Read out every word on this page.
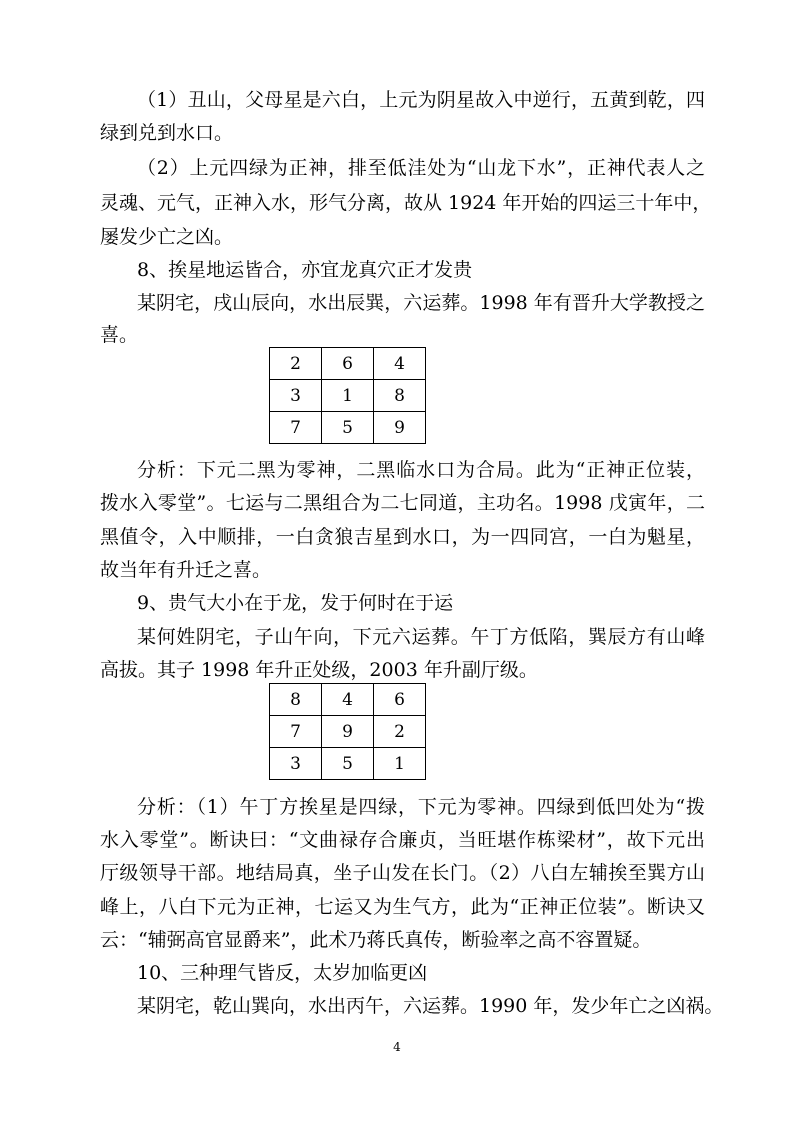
（1）丑山，父母星是六白，上元为阴星故入中逆行，五黄到乾，四
绿到兑到水口。
（2）上元四绿为正神，排至低洼处为“山龙下水”，正神代表人之
灵魂、元气，正神入水，形气分离，故从 1924 年开始的四运三十年中，
屡发少亡之凶。
8、挨星地运皆合，亦宜龙真穴正才发贵
某阴宅，戌山辰向，水出辰巽，六运葬。1998 年有晋升大学教授之
喜。
2	6	4
3	1	8
7	5	9
分析：下元二黑为零神，二黑临水口为合局。此为“正神正位装，
拨水入零堂”。七运与二黑组合为二七同道，主功名。1998 戊寅年，二
黑值令，入中顺排，一白贪狼吉星到水口，为一四同宫，一白为魁星，
故当年有升迁之喜。
9、贵气大小在于龙，发于何时在于运
某何姓阴宅，子山午向，下元六运葬。午丁方低陷，巽辰方有山峰
高拔。其子 1998 年升正处级，2003 年升副厅级。
8	4	6
7	9	2
3	5	1
分析：（1）午丁方挨星是四绿，下元为零神。四绿到低凹处为“拨
水入零堂”。断诀曰：“文曲禄存合廉贞，当旺堪作栋梁材”，故下元出
厅级领导干部。地结局真，坐子山发在长门。（2）八白左辅挨至巽方山
峰上，八白下元为正神，七运又为生气方，此为“正神正位装”。断诀又
云：“辅弼高官显爵来”，此术乃蒋氏真传，断验率之高不容置疑。
10、三种理气皆反，太岁加临更凶
某阴宅，乾山巽向，水出丙午，六运葬。1990 年，发少年亡之凶祸。
4
